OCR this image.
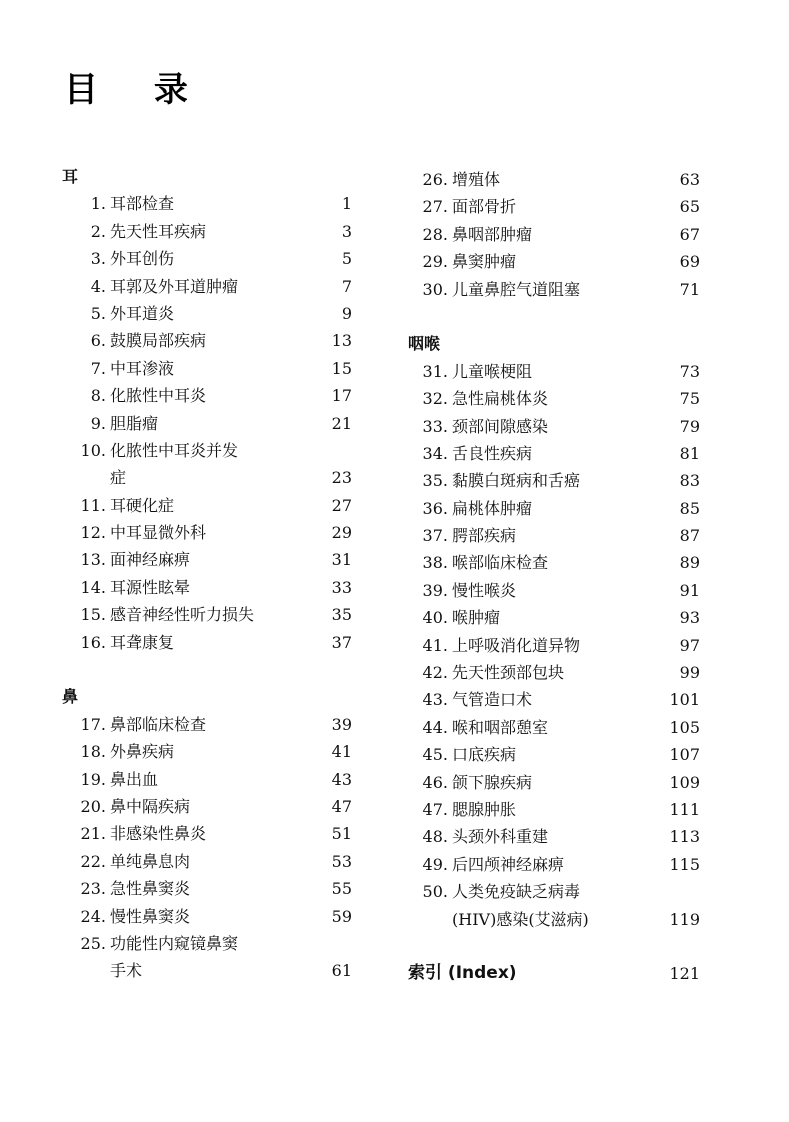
目 录
耳
1. 耳部检查	1
2. 先天性耳疾病	3
3. 外耳创伤	5
4. 耳郭及外耳道肿瘤	7
5. 外耳道炎	9
6. 鼓膜局部疾病	13
7. 中耳渗液	15
8. 化脓性中耳炎	17
9. 胆脂瘤	21
10. 化脓性中耳炎并发
症	23
11. 耳硬化症	27
12. 中耳显微外科	29
13. 面神经麻痹	31
14. 耳源性眩晕	33
15. 感音神经性听力损失	35
16. 耳聋康复	37
鼻
17. 鼻部临床检查	39
18. 外鼻疾病	41
19. 鼻出血	43
20. 鼻中隔疾病	47
21. 非感染性鼻炎	51
22. 单纯鼻息肉	53
23. 急性鼻窦炎	55
24. 慢性鼻窦炎	59
25. 功能性内窥镜鼻窦
手术	61
26. 增殖体	63
27. 面部骨折	65
28. 鼻咽部肿瘤	67
29. 鼻窦肿瘤	69
30. 儿童鼻腔气道阻塞	71
咽喉
31. 儿童喉梗阻	73
32. 急性扁桃体炎	75
33. 颈部间隙感染	79
34. 舌良性疾病	81
35. 黏膜白斑病和舌癌	83
36. 扁桃体肿瘤	85
37. 腭部疾病	87
38. 喉部临床检查	89
39. 慢性喉炎	91
40. 喉肿瘤	93
41. 上呼吸消化道异物	97
42. 先天性颈部包块	99
43. 气管造口术	101
44. 喉和咽部憩室	105
45. 口底疾病	107
46. 颌下腺疾病	109
47. 腮腺肿胀	111
48. 头颈外科重建	113
49. 后四颅神经麻痹	115
50. 人类免疫缺乏病毒
(HIV)感染(艾滋病)	119
索引 (Index)	121
